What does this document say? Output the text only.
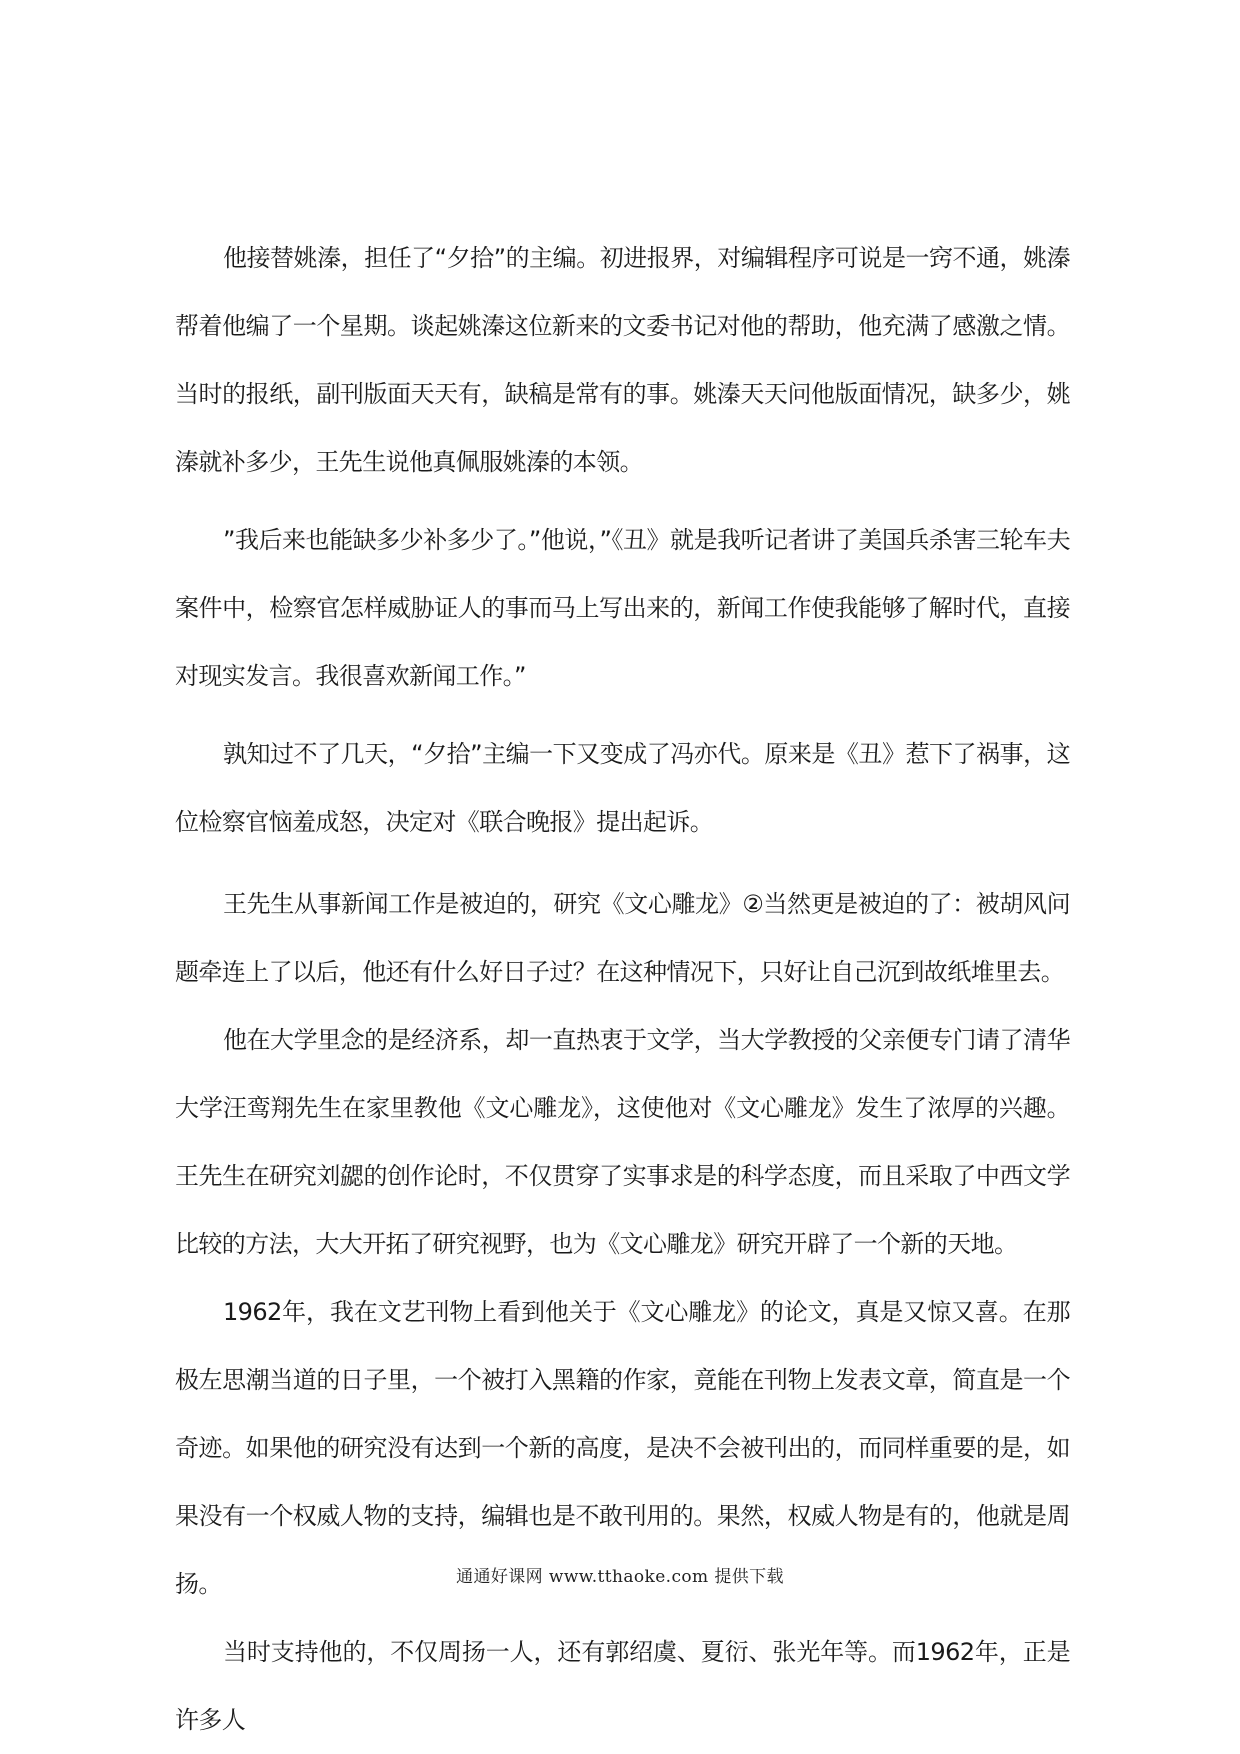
他接替姚溱，担任了“夕拾”的主编。初进报界，对编辑程序可说是一窍不通，姚溱帮着他编了一个星期。谈起姚溱这位新来的文委书记对他的帮助，他充满了感激之情。当时的报纸，副刊版面天天有，缺稿是常有的事。姚溱天天问他版面情况，缺多少，姚溱就补多少，王先生说他真佩服姚溱的本领。

”我后来也能缺多少补多少了。”他说，”《丑》就是我听记者讲了美国兵杀害三轮车夫案件中，检察官怎样威胁证人的事而马上写出来的，新闻工作使我能够了解时代，直接对现实发言。我很喜欢新闻工作。”

孰知过不了几天，“夕拾”主编一下又变成了冯亦代。原来是《丑》惹下了祸事，这位检察官恼羞成怒，决定对《联合晚报》提出起诉。

王先生从事新闻工作是被迫的，研究《文心雕龙》②当然更是被迫的了：被胡风问题牵连上了以后，他还有什么好日子过？在这种情况下，只好让自己沉到故纸堆里去。

他在大学里念的是经济系，却一直热衷于文学，当大学教授的父亲便专门请了清华大学汪鸾翔先生在家里教他《文心雕龙》，这使他对《文心雕龙》发生了浓厚的兴趣。王先生在研究刘勰的创作论时，不仅贯穿了实事求是的科学态度，而且采取了中西文学比较的方法，大大开拓了研究视野，也为《文心雕龙》研究开辟了一个新的天地。

1962年，我在文艺刊物上看到他关于《文心雕龙》的论文，真是又惊又喜。在那极左思潮当道的日子里，一个被打入黑籍的作家，竟能在刊物上发表文章，简直是一个奇迹。如果他的研究没有达到一个新的高度，是决不会被刊出的，而同样重要的是，如果没有一个权威人物的支持，编辑也是不敢刊用的。果然，权威人物是有的，他就是周扬。

当时支持他的，不仅周扬一人，还有郭绍虞、夏衍、张光年等。而1962年，正是许多人

通通好课网 www.tthaoke.com 提供下载
